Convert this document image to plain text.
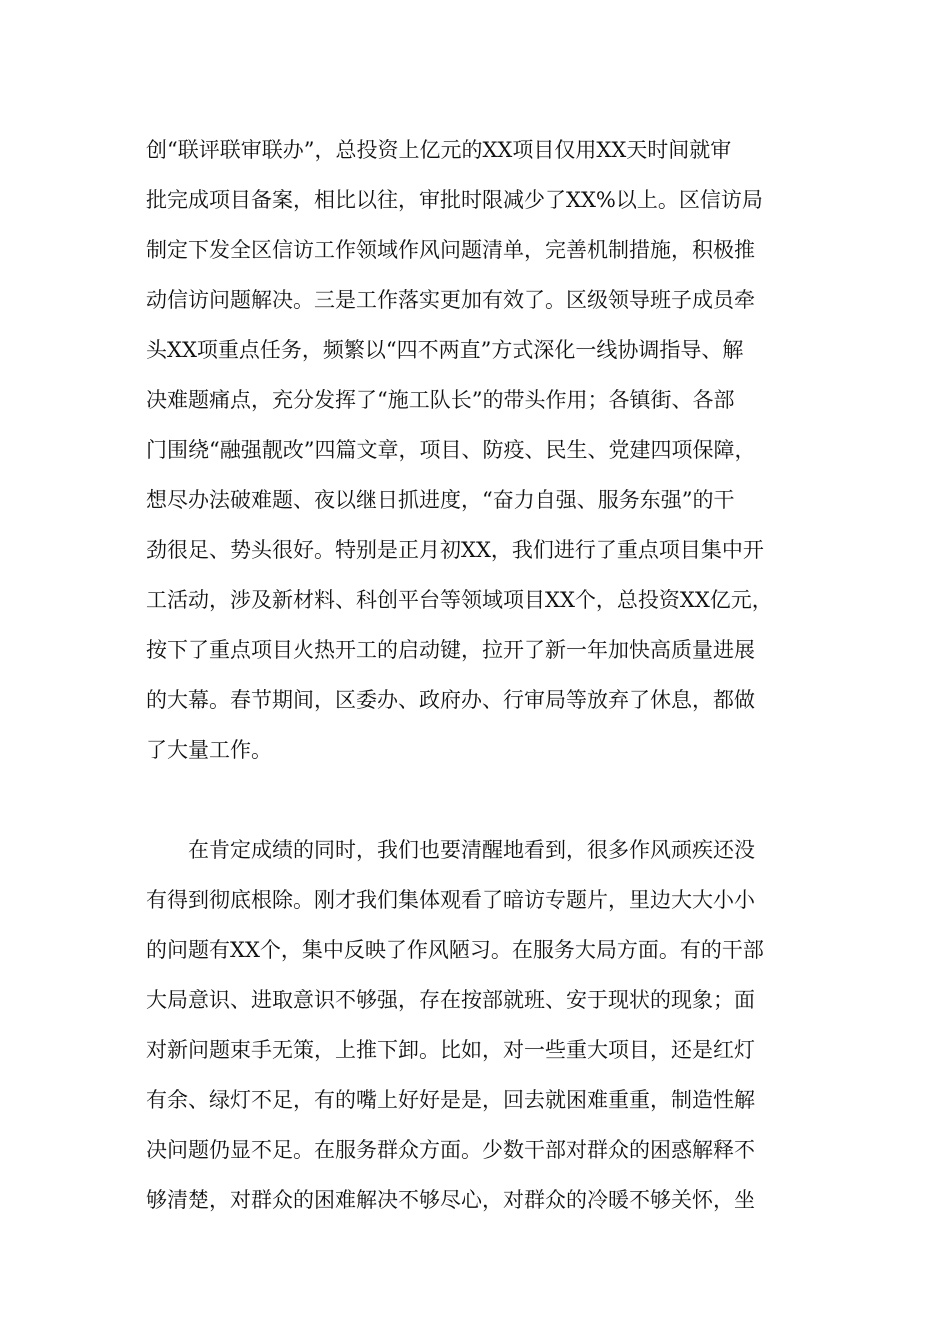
创“联评联审联办”，总投资上亿元的XX项目仅用XX天时间就审
批完成项目备案，相比以往，审批时限减少了XX%以上。区信访局
制定下发全区信访工作领域作风问题清单，完善机制措施，积极推
动信访问题解决。三是工作落实更加有效了。区级领导班子成员牵
头XX项重点任务，频繁以“四不两直”方式深化一线协调指导、解
决难题痛点，充分发挥了“施工队长”的带头作用；各镇街、各部
门围绕“融强靓改”四篇文章，项目、防疫、民生、党建四项保障，
想尽办法破难题、夜以继日抓进度，“奋力自强、服务东强”的干
劲很足、势头很好。特别是正月初XX，我们进行了重点项目集中开
工活动，涉及新材料、科创平台等领域项目XX个，总投资XX亿元，
按下了重点项目火热开工的启动键，拉开了新一年加快高质量进展
的大幕。春节期间，区委办、政府办、行审局等放弃了休息，都做
了大量工作。
在肯定成绩的同时，我们也要清醒地看到，很多作风顽疾还没
有得到彻底根除。刚才我们集体观看了暗访专题片，里边大大小小
的问题有XX个，集中反映了作风陋习。在服务大局方面。有的干部
大局意识、进取意识不够强，存在按部就班、安于现状的现象；面
对新问题束手无策，上推下卸。比如，对一些重大项目，还是红灯
有余、绿灯不足，有的嘴上好好是是，回去就困难重重，制造性解
决问题仍显不足。在服务群众方面。少数干部对群众的困惑解释不
够清楚，对群众的困难解决不够尽心，对群众的冷暖不够关怀，坐
